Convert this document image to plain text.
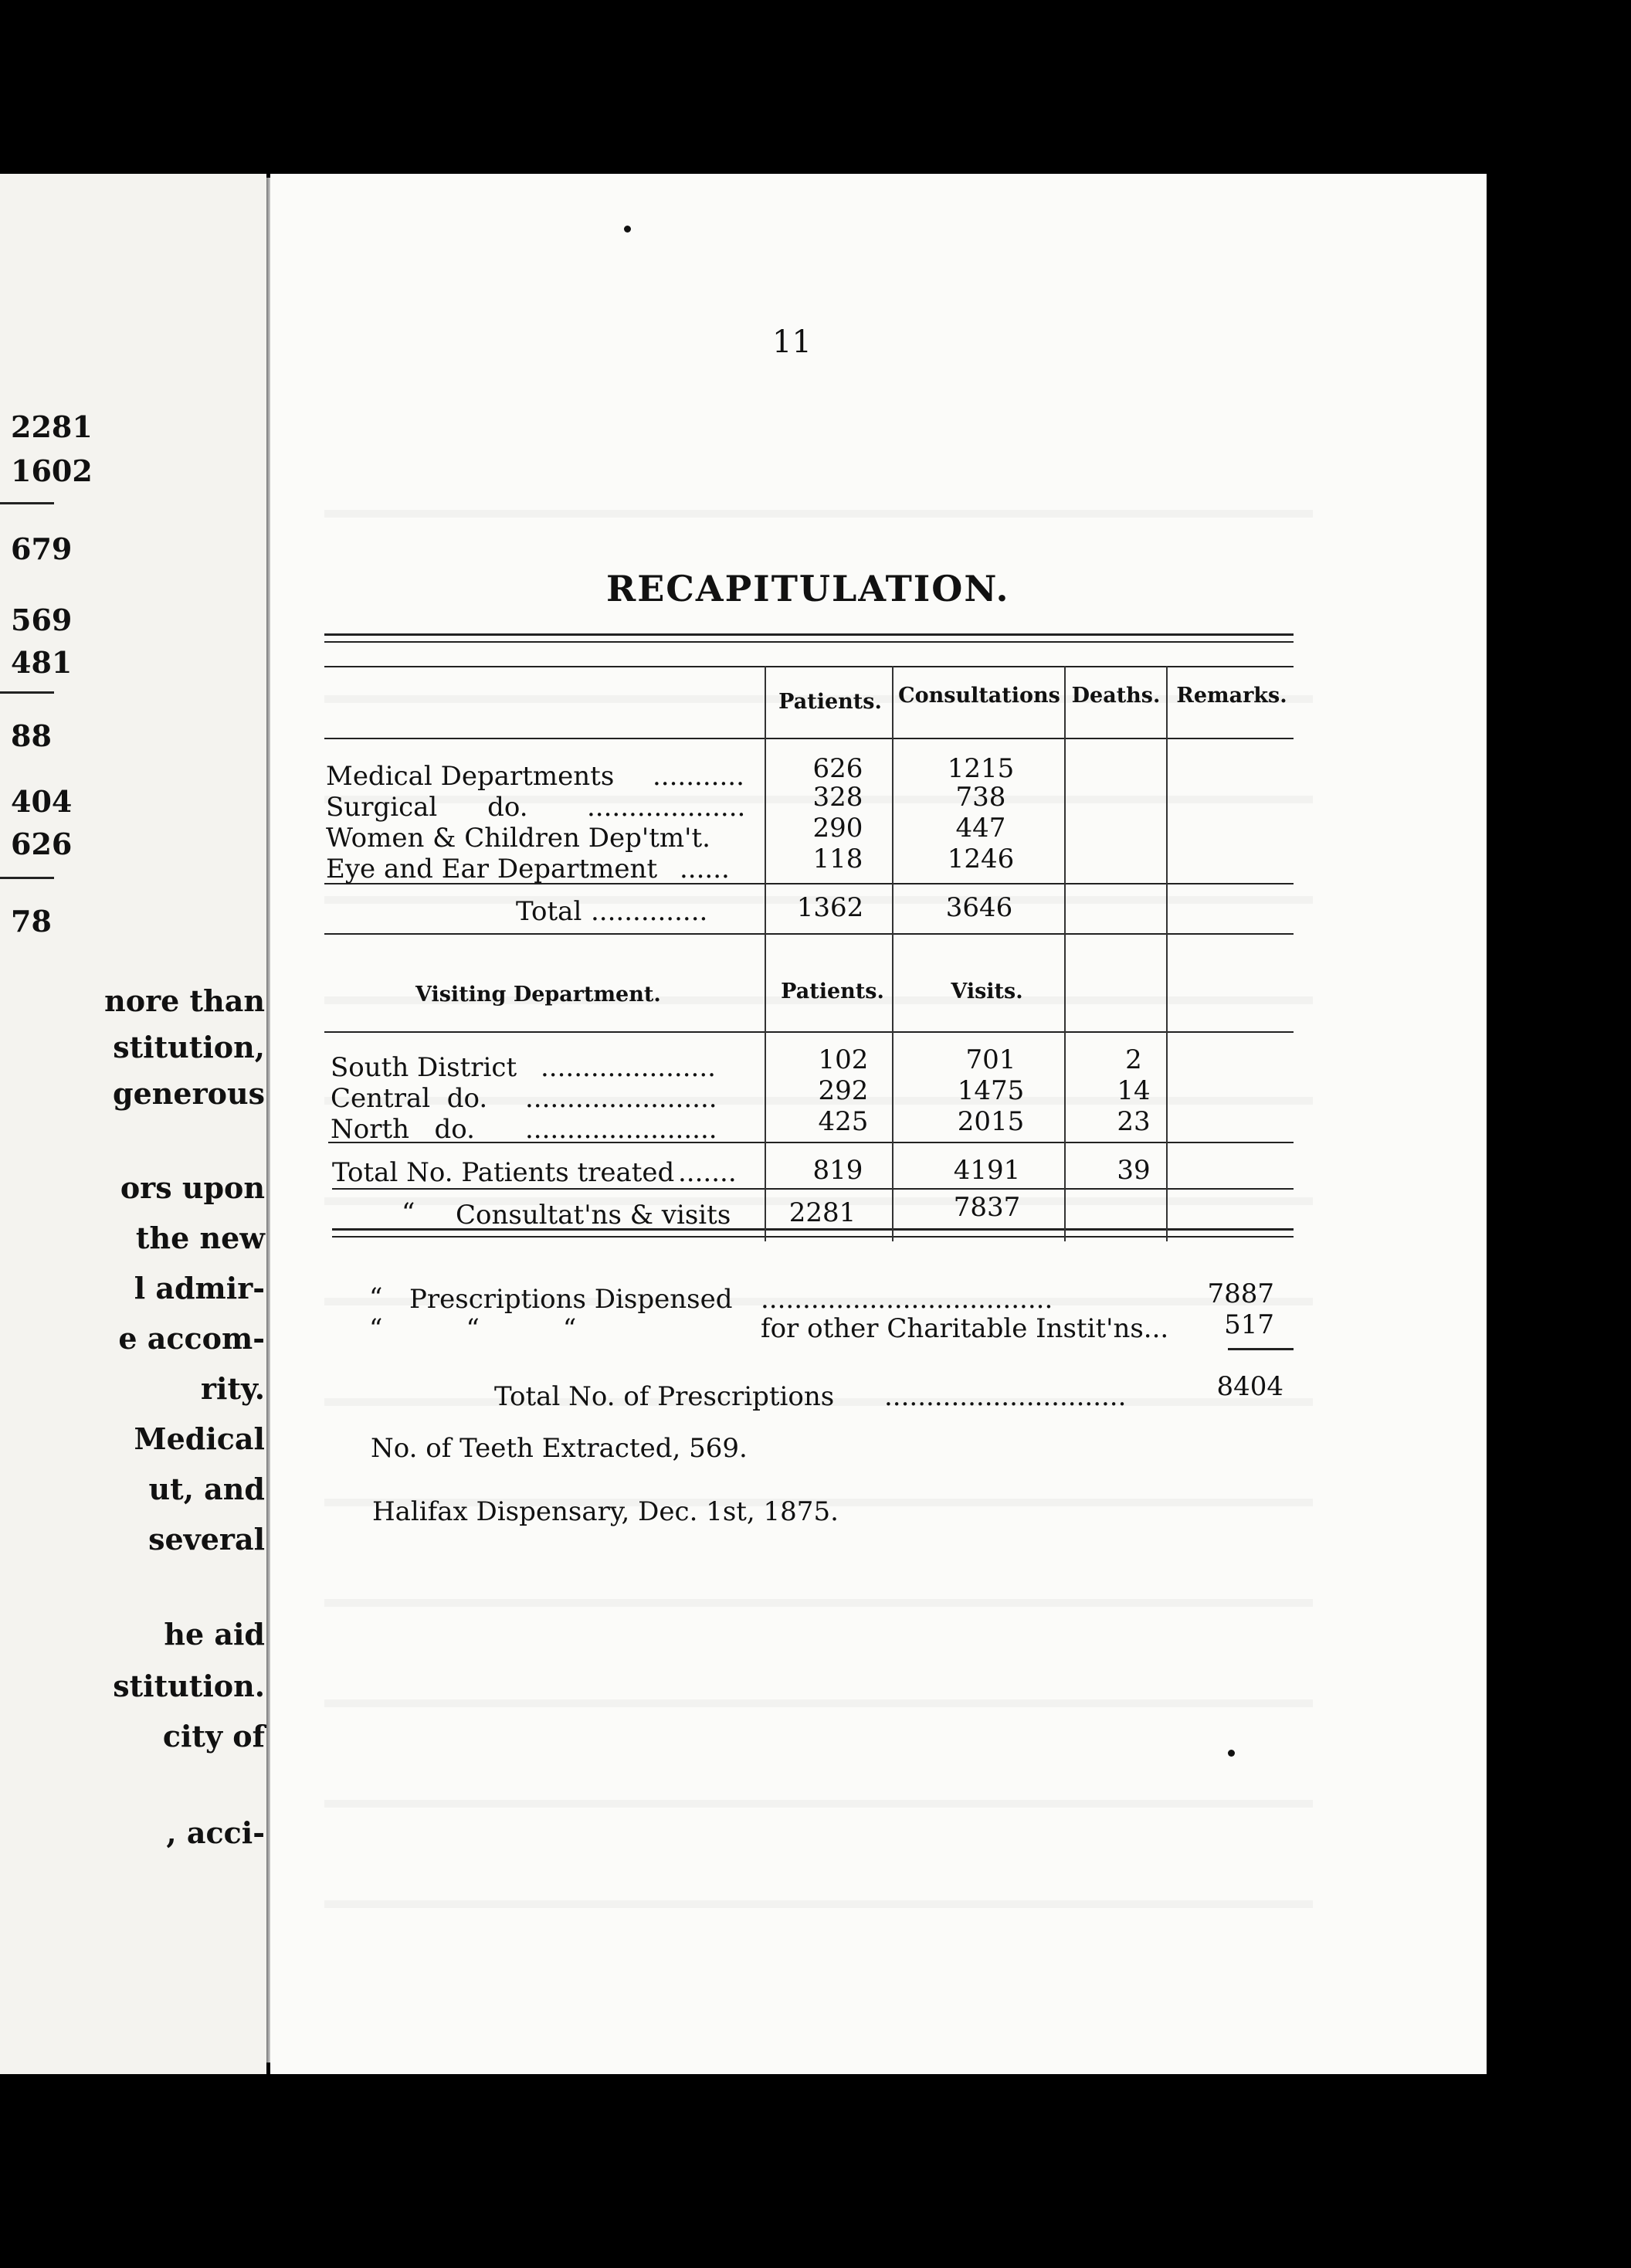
2281
1602
679
569
481
88
404
626
78
nore than
stitution,
generous
ors upon
the new
l admir-
e accom-
rity.
Medical
ut, and
several
he aid
stitution.
city of
, acci-
11
RECAPITULATION.
Patients. Consultations Deaths. Remarks.
Medical Departments ...........	626	1215
Surgical      do. ...................	328	738
Women & Children Dep'tm't.	290	447
Eye and Ear Department ......	118	1246
Total ..............	1362	3646
Visiting Department.	Patients.	Visits.
South District .....................	102	701	2
Central  do. .......................	292	1475	14
North   do. .......................	425	2015	23
Total No. Patients treated .......	819	4191	39
“ Consultat'ns & visits 2281	7837
“ Prescriptions Dispensed ...................................	7887
“          “          “	for other Charitable Instit'ns... 517
Total No. of Prescriptions .............................	8404
No. of Teeth Extracted, 569.
Halifax Dispensary, Dec. 1st, 1875.
